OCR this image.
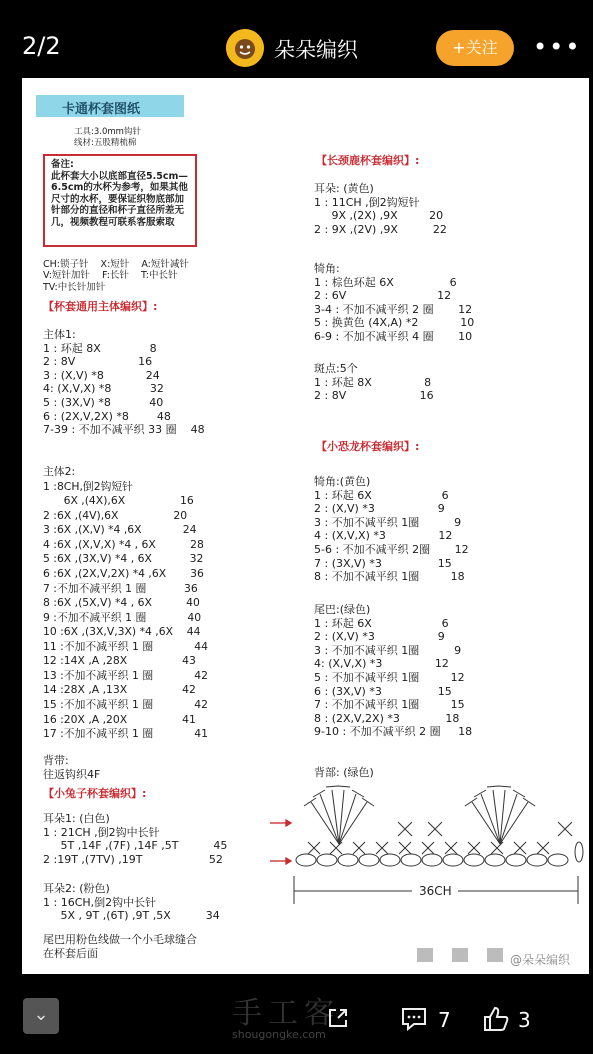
2/2	朵朵编织	+关注	•••
卡通杯套图纸
工具:3.0mm钩针
线材:五股精梳棉
备注:
此杯套大小以底部直径5.5cm—6.5cm的水杯为参考，如果其他尺寸的水杯，要保证织物底部加针部分的直径和杯子直径所差无几，视频教程可联系客服索取
CH:锁子针    X:短针    A:短针减针
V:短针加针    F:长针    T:中长针
TV:中长针加针
【杯套通用主体编织】:
主体1:
1 : 环起 8X              8
2 : 8V                  16
3 : (X,V) *8            24
4: (X,V,X) *8           32
5 : (3X,V) *8           40
6 : (2X,V,2X) *8        48
7-39 : 不加不减平织 33 圈    48
主体2:
1 :8CH,倒2钩短针
6X ,(4X),6X                16
2 :6X ,(4V),6X                20
3 :6X ,(X,V) *4 ,6X            24
4 :6X ,(X,V,X) *4 , 6X          28
5 :6X ,(3X,V) *4 , 6X           32
6 :6X ,(2X,V,2X) *4 ,6X       36
7 :不加不减平织 1 圈           36
8 :6X ,(5X,V) *4 , 6X          40
9 :不加不减平织 1 圈            40
10 :6X ,(3X,V,3X) *4 ,6X    44
11 :不加不减平织 1 圈            44
12 :14X ,A ,28X                43
13 :不加不减平织 1 圈            42
14 :28X ,A ,13X                42
15 :不加不减平织 1 圈            42
16 :20X ,A ,20X                41
17 :不加不减平织 1 圈            41
背带:
往返钩织4F
【小兔子杯套编织】:
耳朵1: (白色)
1 : 21CH ,倒2钩中长针
5T ,14F ,(7F) ,14F ,5T          45
2 :19T ,(7TV) ,19T                   52
耳朵2: (粉色)
1 : 16CH,倒2钩中长针
5X , 9T ,(6T) ,9T ,5X          34
尾巴用粉色线做一个小毛球缝合
在杯套后面
【长颈鹿杯套编织】:
耳朵: (黄色)
1 : 11CH ,倒2钩短针
9X ,(2X) ,9X         20
2 : 9X ,(2V) ,9X          22
犄角:
1 : 棕色环起 6X                6
2 : 6V                          12
3-4 : 不加不减平织 2 圈       12
5 : 换黄色 (4X,A) *2            10
6-9 : 不加不减平织 4 圈       10
斑点:5个
1 : 环起 8X               8
2 : 8V                     16
【小恐龙杯套编织】:
犄角:(黄色)
1 : 环起 6X                    6
2 : (X,V) *3                  9
3 : 不加不减平织 1圈          9
4 : (X,V,X) *3               12
5-6 : 不加不减平织 2圈       12
7 : (3X,V) *3                15
8 : 不加不减平织 1圈         18
尾巴:(绿色)
1 : 环起 6X                    6
2 : (X,V) *3                  9
3 : 不加不减平织 1圈          9
4: (X,V,X) *3               12
5 : 不加不减平织 1圈         12
6 : (3X,V) *3                15
7 : 不加不减平织 1圈         15
8 : (2X,V,2X) *3             18
9-10 : 不加不减平织 2 圈     18
背部: (绿色)
36CH
@朵朵编织
⌄	手工客
shougongke.com
7	3
